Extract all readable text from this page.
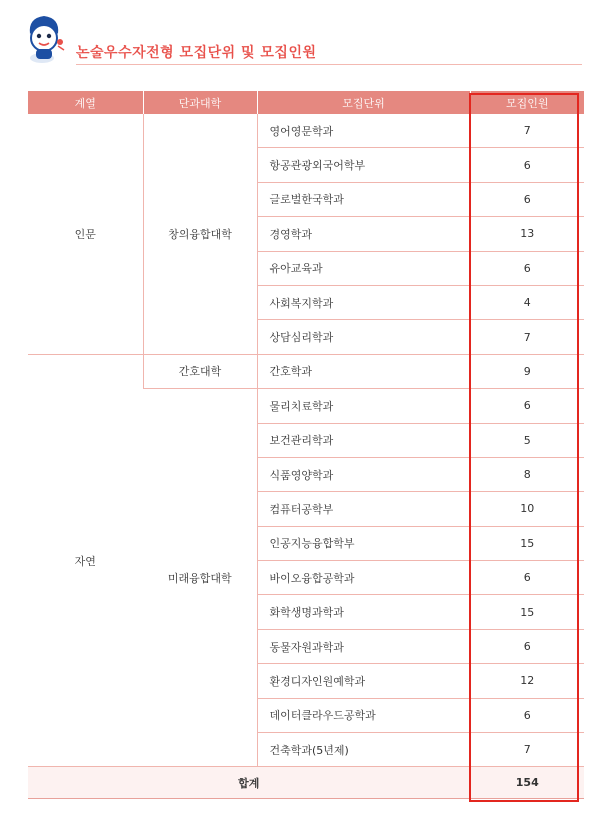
논술우수자전형 모집단위 및 모집인원
계열	단과대학	모집단위	모집인원
인문	창의융합대학	영어영문학과	7
		항공관광외국어학부	6
		글로벌한국학과	6
		경영학과	13
		유아교육과	6
		사회복지학과	4
		상담심리학과	7
자연	간호대학	간호학과	9
	미래융합대학	물리치료학과	6
		보건관리학과	5
		식품영양학과	8
		컴퓨터공학부	10
		인공지능융합학부	15
		바이오융합공학과	6
		화학생명과학과	15
		동물자원과학과	6
		환경디자인원예학과	12
		데이터클라우드공학과	6
		건축학과(5년제)	7
합계			154
